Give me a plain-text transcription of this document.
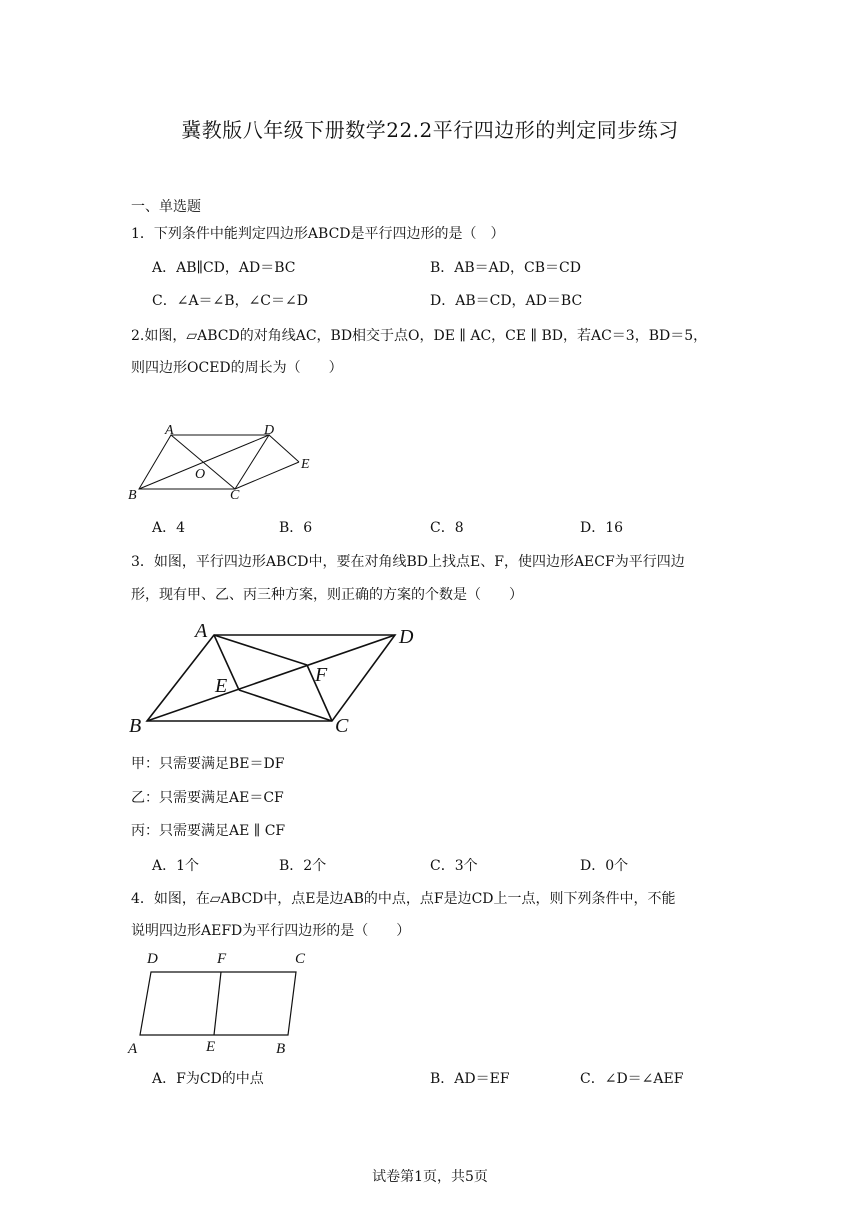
冀教版八年级下册数学22.2平行四边形的判定同步练习
一、单选题
1．下列条件中能判定四边形ABCD是平行四边形的是（　）
A．AB∥CD，AD＝BC	B．AB＝AD，CB＝CD
C．∠A＝∠B，∠C＝∠D	D．AB＝CD，AD＝BC
2.如图，▱ABCD的对角线AC，BD相交于点O，DE ∥ AC，CE ∥ BD，若AC＝3，BD＝5，
则四边形OCED的周长为（　　）
A	D
E
B	C
O
A．4	B．6	C．8	D．16
3．如图，平行四边形ABCD中，要在对角线BD上找点E、F，使四边形AECF为平行四边
形，现有甲、乙、丙三种方案，则正确的方案的个数是（　　）
A	D
F
E
B	C
甲：只需要满足BE＝DF
乙：只需要满足AE＝CF
丙：只需要满足AE ∥ CF
A．1个	B．2个	C．3个	D．0个
4．如图，在▱ABCD中，点E是边AB的中点，点F是边CD上一点，则下列条件中，不能
说明四边形AEFD为平行四边形的是（　　）
D	F	C
A	E	B
A．F为CD的中点	B．AD＝EF	C．∠D＝∠AEF
试卷第1页，共5页
